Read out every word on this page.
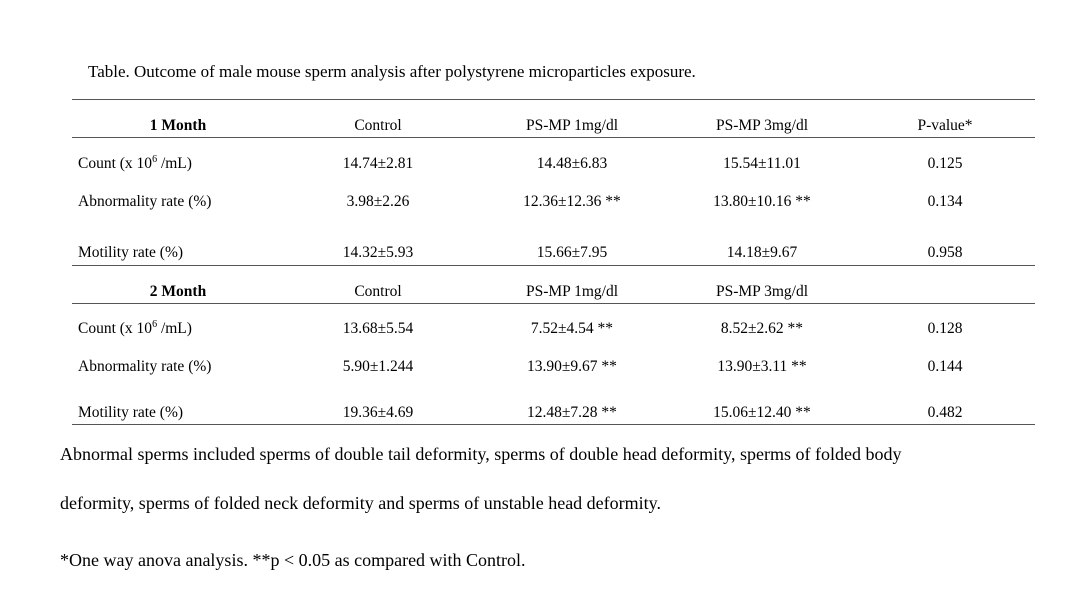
Table. Outcome of male mouse sperm analysis after polystyrene microparticles exposure.
1 Month	Control	PS-MP 1mg/dl	PS-MP 3mg/dl	P-value*
Count (x $10^6$ /mL)	14.74±2.81	14.48±6.83	15.54±11.01	0.125
Abnormality rate (%)	3.98±2.26	12.36±12.36 **	13.80±10.16 **	0.134
Motility rate (%)	14.32±5.93	15.66±7.95	14.18±9.67	0.958
2 Month	Control	PS-MP 1mg/dl	PS-MP 3mg/dl
Count (x $10^6$ /mL)	13.68±5.54	7.52±4.54 **	8.52±2.62 **	0.128
Abnormality rate (%)	5.90±1.244	13.90±9.67 **	13.90±3.11 **	0.144
Motility rate (%)	19.36±4.69	12.48±7.28 **	15.06±12.40 **	0.482
Abnormal sperms included sperms of double tail deformity, sperms of double head deformity, sperms of folded body
deformity, sperms of folded neck deformity and sperms of unstable head deformity.
*One way anova analysis. **p < 0.05 as compared with Control.
